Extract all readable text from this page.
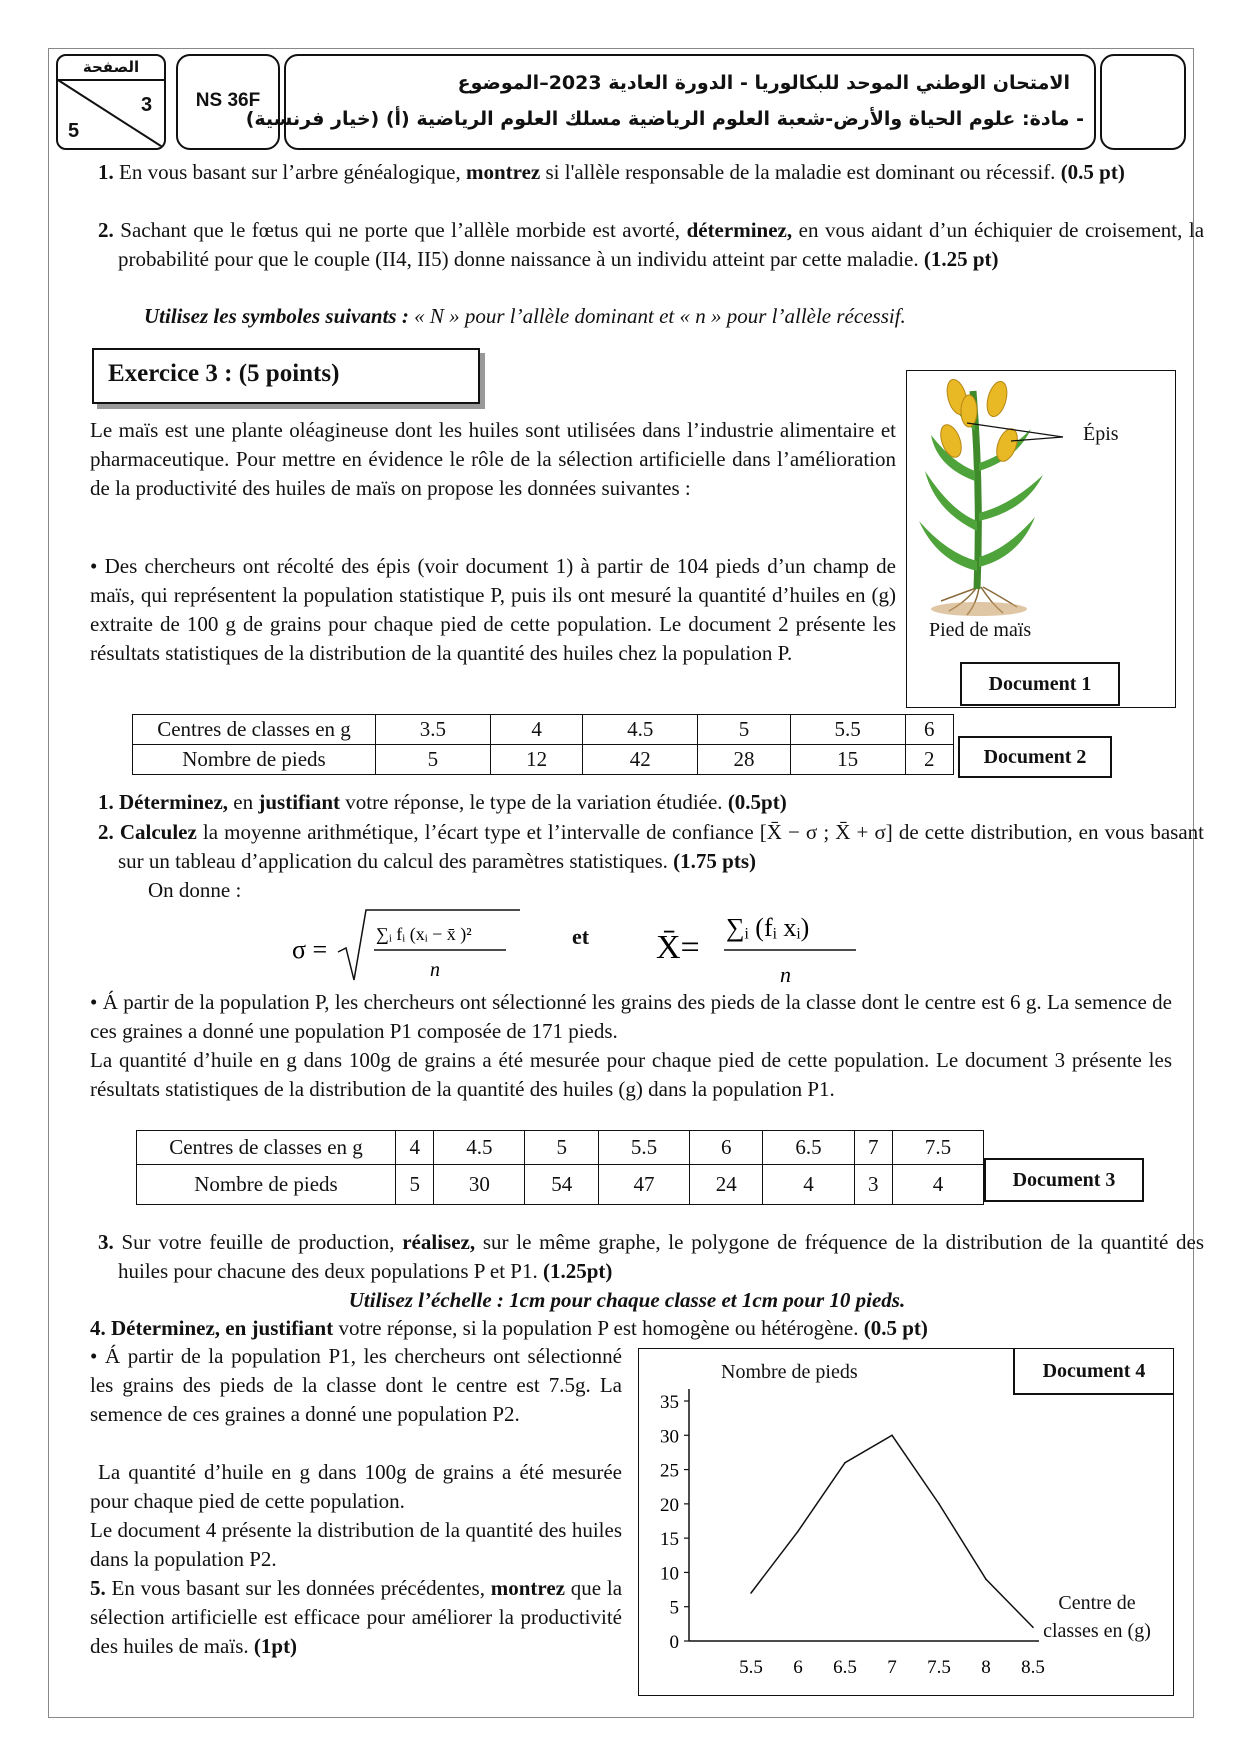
الصفحة
3
5
NS 36F
الامتحان الوطني الموحد للبكالوريا - الدورة العادية 2023–الموضوع
- مادة: علوم الحياة والأرض-شعبة العلوم الرياضية مسلك العلوم الرياضية (أ) (خيار فرنسية)
1. En vous basant sur l’arbre généalogique, montrez si l'allèle responsable de la maladie est dominant ou récessif. (0.5 pt)
2. Sachant que le fœtus qui ne porte que l’allèle morbide est avorté, déterminez, en vous aidant d’un échiquier de croisement, la probabilité pour que le couple (II4, II5) donne naissance à un individu atteint par cette maladie. (1.25 pt)
Utilisez les symboles suivants : « N » pour l’allèle dominant et « n » pour l’allèle récessif.
Exercice 3 : (5 points)
Le maïs est une plante oléagineuse dont les huiles sont utilisées dans l’industrie alimentaire et pharmaceutique. Pour mettre en évidence le rôle de la sélection artificielle dans l’amélioration de la productivité des huiles de maïs on propose les données suivantes :
• Des chercheurs ont récolté des épis (voir document 1) à partir de 104 pieds d’un champ de maïs, qui représentent la population statistique P, puis ils ont mesuré la quantité d’huiles en (g) extraite de 100 g de grains pour chaque pied de cette population. Le document 2 présente les résultats statistiques de la distribution de la quantité des huiles chez la population P.
Épis
Pied de maïs
Document 1
Centres de classes en g	3.5	4	4.5	5	5.5	6
Nombre de pieds	5	12	42	28	15	2	Document 2
1. Déterminez, en justifiant votre réponse, le type de la variation étudiée. (0.5pt)
2. Calculez la moyenne arithmétique, l’écart type et l’intervalle de confiance [X̄ − σ ; X̄ + σ] de cette distribution, en vous basant sur un tableau d’application du calcul des paramètres statistiques. (1.75 pts)
On donne :
σ =
∑ᵢ fᵢ (xᵢ − x̄ )²
n
et X̄=
∑ᵢ (fᵢ xᵢ)
n
• Á partir de la population P, les chercheurs ont sélectionné les grains des pieds de la classe dont le centre est 6 g. La semence de ces graines a donné une population P1 composée de 171 pieds.
La quantité d’huile en g dans 100g de grains a été mesurée pour chaque pied de cette population. Le document 3 présente les résultats statistiques de la distribution de la quantité des huiles (g) dans la population P1.
Centres de classes en g	4	4.5	5	5.5	6	6.5	7	7.5
Nombre de pieds	5	30	54	47	24	4	3	4	Document 3
3. Sur votre feuille de production, réalisez, sur le même graphe, le polygone de fréquence de la distribution de la quantité des huiles pour chacune des deux populations P et P1. (1.25pt)
Utilisez l’échelle : 1cm pour chaque classe et 1cm pour 10 pieds.
4. Déterminez, en justifiant votre réponse, si la population P est homogène ou hétérogène. (0.5 pt)
• Á partir de la population P1, les chercheurs ont sélectionné les grains des pieds de la classe dont le centre est 7.5g. La semence de ces graines a donné une population P2.
La quantité d’huile en g dans 100g de grains a été mesurée pour chaque pied de cette population.
Le document 4 présente la distribution de la quantité des huiles dans la population P2.
5. En vous basant sur les données précédentes, montrez que la sélection artificielle est efficace pour améliorer la productivité des huiles de maïs. (1pt)	0
5
10
15
20
25
30
35
5.5 6 6.5 7 7.5 8 8.5
Nombre de pieds	Document 4
Centre de classes en (g)
